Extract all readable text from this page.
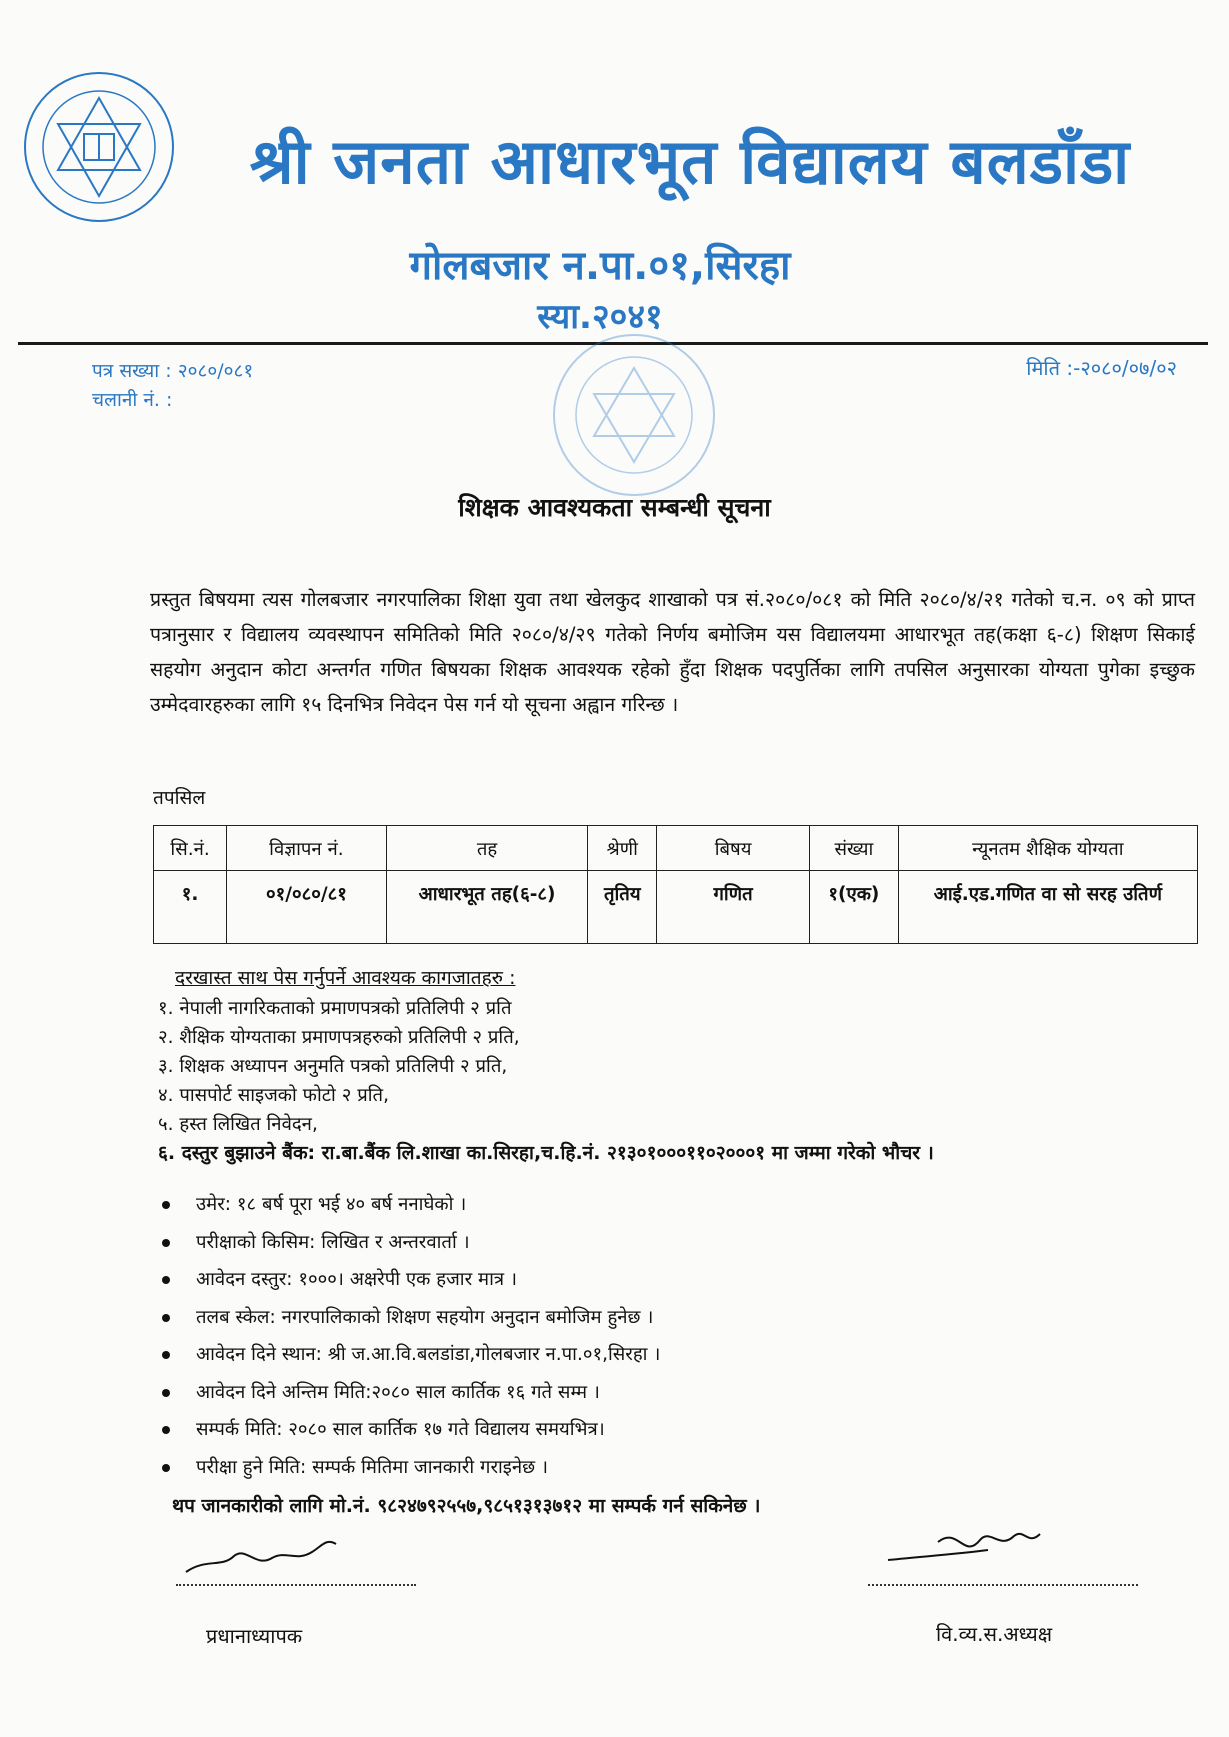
श्री जनता आधारभूत विद्यालय बलडाँडा
गोलबजार न.पा.०१,सिरहा
स्या.२०४१
पत्र सख्या : २०८०/०८१
चलानी नं. :
मिति :-२०८०/०७/०२
शिक्षक आवश्यकता सम्बन्धी सूचना
प्रस्तुत बिषयमा त्यस गोलबजार नगरपालिका शिक्षा युवा तथा खेलकुद शाखाको पत्र सं.२०८०/०८१ को मिति २०८०/४/२१ गतेको च.न. ०९ को प्राप्त पत्रानुसार र विद्यालय व्यवस्थापन समितिको मिति २०८०/४/२९ गतेको निर्णय बमोजिम यस विद्यालयमा आधारभूत तह(कक्षा ६-८) शिक्षण सिकाई सहयोग अनुदान कोटा अन्तर्गत गणित बिषयका शिक्षक आवश्यक रहेको हुँदा शिक्षक पदपुर्तिका लागि तपसिल अनुसारका योग्यता पुगेका इच्छुक उम्मेदवारहरुका लागि १५ दिनभित्र निवेदन पेस गर्न यो सूचना अह्वान गरिन्छ ।
तपसिल
सि.नं.	विज्ञापन नं.	तह	श्रेणी	बिषय	संख्या	न्यूनतम शैक्षिक योग्यता
१.	०१/०८०/८१	आधारभूत तह(६-८)	तृतिय	गणित	१(एक)	आई.एड.गणित वा सो सरह उतिर्ण
दरखास्त साथ पेस गर्नुपर्ने आवश्यक कागजातहरु :
१. नेपाली नागरिकताको प्रमाणपत्रको प्रतिलिपी २ प्रति
२. शैक्षिक योग्यताका प्रमाणपत्रहरुको प्रतिलिपी २ प्रति,
३. शिक्षक अध्यापन अनुमति पत्रको प्रतिलिपी २ प्रति,
४. पासपोर्ट साइजको फोटो २ प्रति,
५. हस्त लिखित निवेदन,
६. दस्तुर बुझाउने बैंक: रा.बा.बैंक लि.शाखा का.सिरहा,च.हि.नं. २१३०१०००११०२०००१ मा जम्मा गरेको भौचर ।
उमेर: १८ बर्ष पूरा भई ४० बर्ष ननाघेको ।
परीक्षाको किसिम: लिखित र अन्तरवार्ता ।
आवेदन दस्तुर: १०००। अक्षरेपी एक हजार मात्र ।
तलब स्केल: नगरपालिकाको शिक्षण सहयोग अनुदान बमोजिम हुनेछ ।
आवेदन दिने स्थान: श्री ज.आ.वि.बलडांडा,गोलबजार न.पा.०१,सिरहा ।
आवेदन दिने अन्तिम मिति:२०८० साल कार्तिक १६ गते सम्म ।
सम्पर्क मिति: २०८० साल कार्तिक १७ गते विद्यालय समयभित्र।
परीक्षा हुने मिति: सम्पर्क मितिमा जानकारी गराइनेछ ।
थप जानकारीको लागि मो.नं. ९८२४७९२५५७,९८५१३१३७१२ मा सम्पर्क गर्न सकिनेछ ।
प्रधानाध्यापक	वि.व्य.स.अध्यक्ष
